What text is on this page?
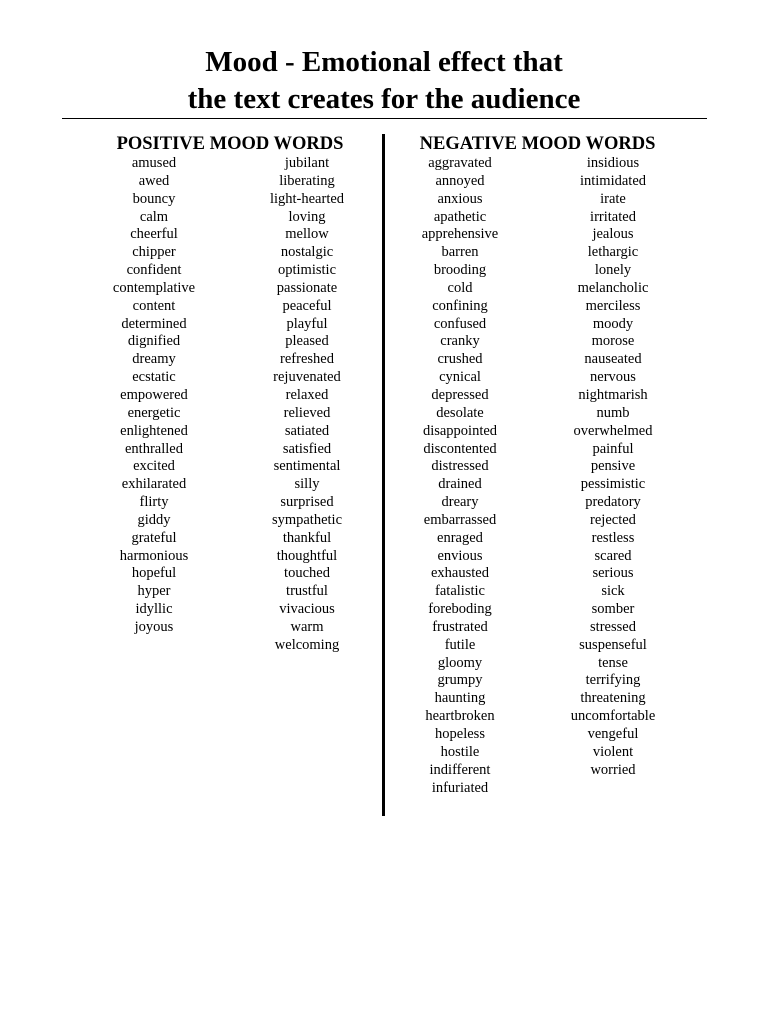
Mood - Emotional effect that
the text creates for the audience
POSITIVE MOOD WORDS	NEGATIVE MOOD WORDS
amused
awed
bouncy
calm
cheerful
chipper
confident
contemplative
content
determined
dignified
dreamy
ecstatic
empowered
energetic
enlightened
enthralled
excited
exhilarated
flirty
giddy
grateful
harmonious
hopeful
hyper
idyllic
joyous
jubilant
liberating
light-hearted
loving
mellow
nostalgic
optimistic
passionate
peaceful
playful
pleased
refreshed
rejuvenated
relaxed
relieved
satiated
satisfied
sentimental
silly
surprised
sympathetic
thankful
thoughtful
touched
trustful
vivacious
warm
welcoming
aggravated
annoyed
anxious
apathetic
apprehensive
barren
brooding
cold
confining
confused
cranky
crushed
cynical
depressed
desolate
disappointed
discontented
distressed
drained
dreary
embarrassed
enraged
envious
exhausted
fatalistic
foreboding
frustrated
futile
gloomy
grumpy
haunting
heartbroken
hopeless
hostile
indifferent
infuriated
insidious
intimidated
irate
irritated
jealous
lethargic
lonely
melancholic
merciless
moody
morose
nauseated
nervous
nightmarish
numb
overwhelmed
painful
pensive
pessimistic
predatory
rejected
restless
scared
serious
sick
somber
stressed
suspenseful
tense
terrifying
threatening
uncomfortable
vengeful
violent
worried
